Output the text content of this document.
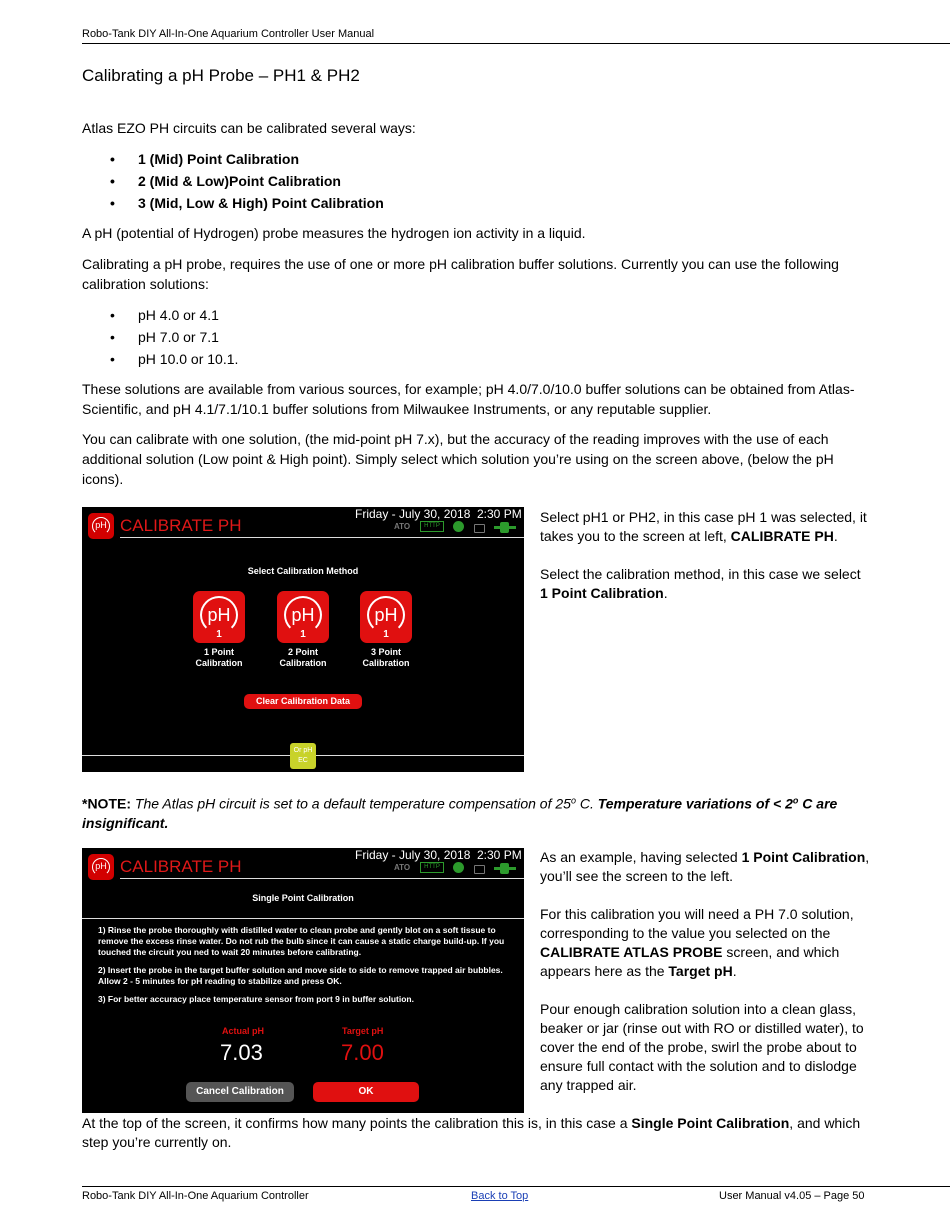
Robo-Tank DIY All-In-One Aquarium Controller User Manual
Calibrating a pH Probe – PH1 & PH2
Atlas EZO PH circuits can be calibrated several ways:
• 1 (Mid) Point Calibration
• 2 (Mid & Low)Point Calibration
• 3 (Mid, Low & High) Point Calibration
A pH (potential of Hydrogen) probe measures the hydrogen ion activity in a liquid.
Calibrating a pH probe, requires the use of one or more pH calibration buffer solutions. Currently you can use the following calibration solutions:
• pH 4.0 or 4.1
• pH 7.0 or 7.1
• pH 10.0 or 10.1.
These solutions are available from various sources, for example; pH 4.0/7.0/10.0 buffer solutions can be obtained from Atlas-Scientific, and pH 4.1/7.1/10.1 buffer solutions from Milwaukee Instruments, or any reputable supplier.
You can calibrate with one solution, (the mid-point pH 7.x), but the accuracy of the reading improves with the use of each additional solution (Low point & High point). Simply select which solution you’re using on the screen above, (below the pH icons).
pH CALIBRATE PH
Friday - July 30, 2018 2:30 PM
ATO	HTTP
Select Calibration Method
pH
1
pH
1
pH
1
1 Point
Calibration
2 Point
Calibration
3 Point
Calibration
Clear Calibration Data
Or pH
EC

Select pH1 or PH2, in this case pH 1 was selected, it takes you to the screen at left, CALIBRATE PH.

Select the calibration method, in this case we select 1 Point Calibration.

*NOTE: The Atlas pH circuit is set to a default temperature compensation of 25$^o$ C. Temperature variations of < $2^o$ C are insignificant.
pH CALIBRATE PH
Friday - July 30, 2018 2:30 PM
ATO	HTTP
Single Point Calibration

1) Rinse the probe thoroughly with distilled water to clean probe and gently blot on a soft tissue to remove the excess rinse water. Do not rub the bulb since it can cause a static charge build-up. If you touched the circuit you ned to wait 20 minutes before calibrating.

2) Insert the probe in the target buffer solution and move side to side to remove trapped air bubbles. Allow 2 - 5 minutes for pH reading to stabilize and press OK.

3) For better accuracy place temperature sensor from port 9 in buffer solution.

Actual pH
7.03
Target pH
7.00
Cancel Calibration	OK

As an example, having selected 1 Point Calibration, you’ll see the screen to the left.

For this calibration you will need a PH 7.0 solution, corresponding to the value you selected on the CALIBRATE ATLAS PROBE screen, and which appears here as the Target pH.

Pour enough calibration solution into a clean glass, beaker or jar (rinse out with RO or distilled water), to cover the end of the probe, swirl the probe about to ensure full contact with the solution and to dislodge any trapped air.

At the top of the screen, it confirms how many points the calibration this is, in this case a Single Point Calibration, and which step you’re currently on.
Robo-Tank DIY All-In-One Aquarium Controller	Back to Top	User Manual v4.05 – Page 50
